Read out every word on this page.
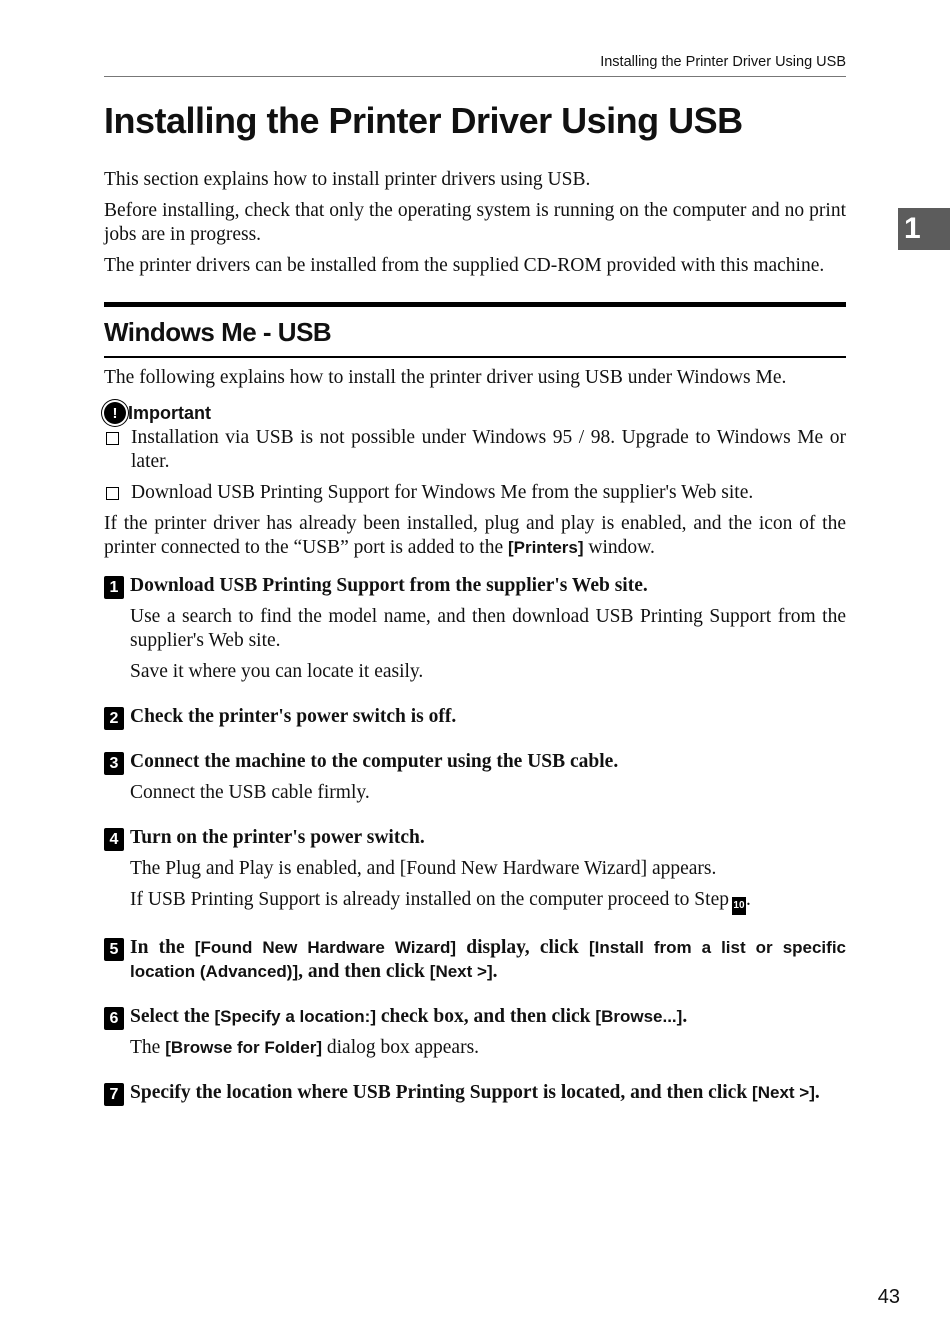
Installing the Printer Driver Using USB
1
Installing the Printer Driver Using USB

This section explains how to install printer drivers using USB.

Before installing, check that only the operating system is running on the computer and no print jobs are in progress.

The printer drivers can be installed from the supplied CD-ROM provided with this machine.

Windows Me - USB

The following explains how to install the printer driver using USB under Windows Me.

! Important
Installation via USB is not possible under Windows 95 / 98. Upgrade to Windows Me or later.
Download USB Printing Support for Windows Me from the supplier's Web site.

If the printer driver has already been installed, plug and play is enabled, and the icon of the printer connected to the “USB” port is added to the [Printers] window.

1 Download USB Printing Support from the supplier's Web site.

Use a search to find the model name, and then download USB Printing Support from the supplier's Web site.

Save it where you can locate it easily.

2 Check the printer's power switch is off.
3 Connect the machine to the computer using the USB cable.

Connect the USB cable firmly.

4 Turn on the printer's power switch.

The Plug and Play is enabled, and [Found New Hardware Wizard] appears.

If USB Printing Support is already installed on the computer proceed to Step 10.

5 In the [Found New Hardware Wizard] display, click [Install from a list or specific location (Advanced)], and then click [Next >].
6 Select the [Specify a location:] check box, and then click [Browse...].

The [Browse for Folder] dialog box appears.

7 Specify the location where USB Printing Support is located, and then click [Next >].
43
